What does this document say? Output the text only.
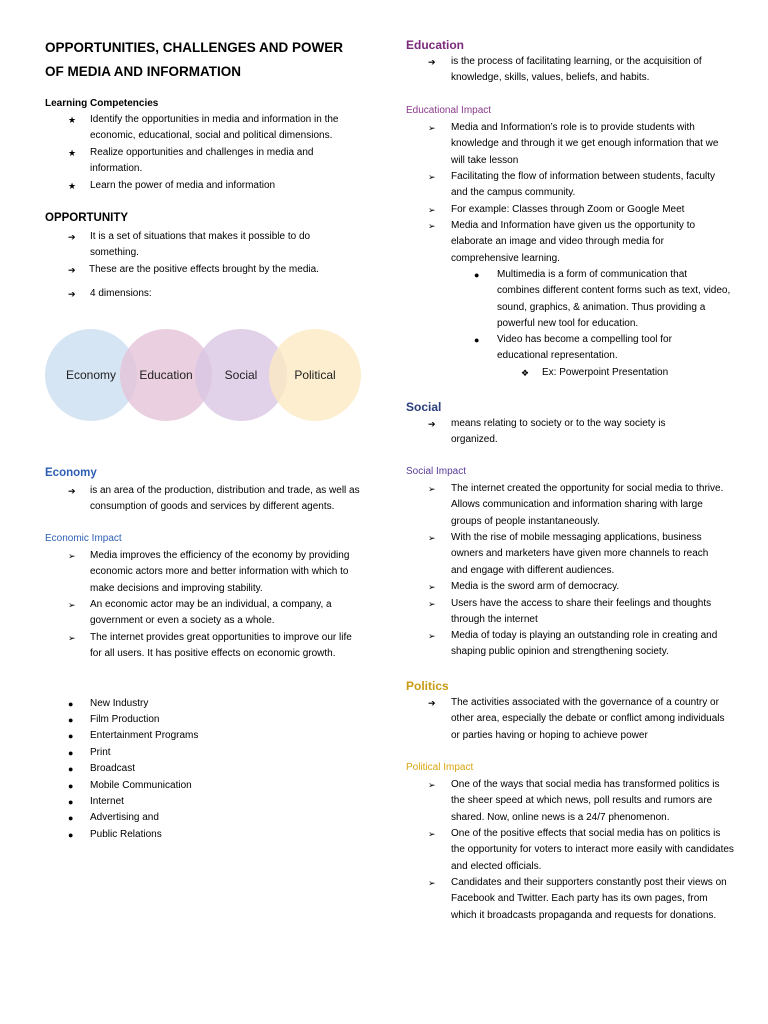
OPPORTUNITIES, CHALLENGES AND POWER OF MEDIA AND INFORMATION
Learning Competencies
★ Identify the opportunities in media and information in the economic, educational, social and political dimensions.
★ Realize opportunities and challenges in media and information.
★ Learn the power of media and information
OPPORTUNITY
➔ It is a set of situations that makes it possible to do something.
➔ These are the positive effects brought by the media.
➔ 4 dimensions:
Economy Education	Social	Political
Economy
➔ is an area of the production, distribution and trade, as well as consumption of goods and services by different agents.
Economic Impact
➢ Media improves the efficiency of the economy by providing economic actors more and better information with which to make decisions and improving stability.
➢ An economic actor may be an individual, a company, a government or even a society as a whole.
➢ The internet provides great opportunities to improve our life for all users. It has positive effects on economic growth.
● New Industry
● Film Production
● Entertainment Programs
● Print
● Broadcast
● Mobile Communication
● Internet
● Advertising and
● Public Relations
Education
➔ is the process of facilitating learning, or the acquisition of knowledge, skills, values, beliefs, and habits.
Educational Impact
➢ Media and Information’s role is to provide students with knowledge and through it we get enough information that we will take lesson
➢ Facilitating the flow of information between students, faculty and the campus community.
➢ For example: Classes through Zoom or Google Meet
➢ Media and Information have given us the opportunity to elaborate an image and video through media for comprehensive learning.
● Multimedia is a form of communication that combines different content forms such as text, video, sound, graphics, & animation. Thus providing a powerful new tool for education.
● Video has become a compelling tool for educational representation.
❖ Ex: Powerpoint Presentation
Social
➔ means relating to society or to the way society is organized.
Social Impact
➢ The internet created the opportunity for social media to thrive. Allows communication and information sharing with large groups of people instantaneously.
➢ With the rise of mobile messaging applications, business owners and marketers have given more channels to reach and engage with different audiences.
➢ Media is the sword arm of democracy.
➢ Users have the access to share their feelings and thoughts through the internet
➢ Media of today is playing an outstanding role in creating and shaping public opinion and strengthening society.
Politics
➔ The activities associated with the governance of a country or other area, especially the debate or conflict among individuals or parties having or hoping to achieve power
Political Impact
➢ One of the ways that social media has transformed politics is the sheer speed at which news, poll results and rumors are shared. Now, online news is a 24/7 phenomenon.
➢ One of the positive effects that social media has on politics is the opportunity for voters to interact more easily with candidates and elected officials.
➢ Candidates and their supporters constantly post their views on Facebook and Twitter. Each party has its own pages, from which it broadcasts propaganda and requests for donations.
